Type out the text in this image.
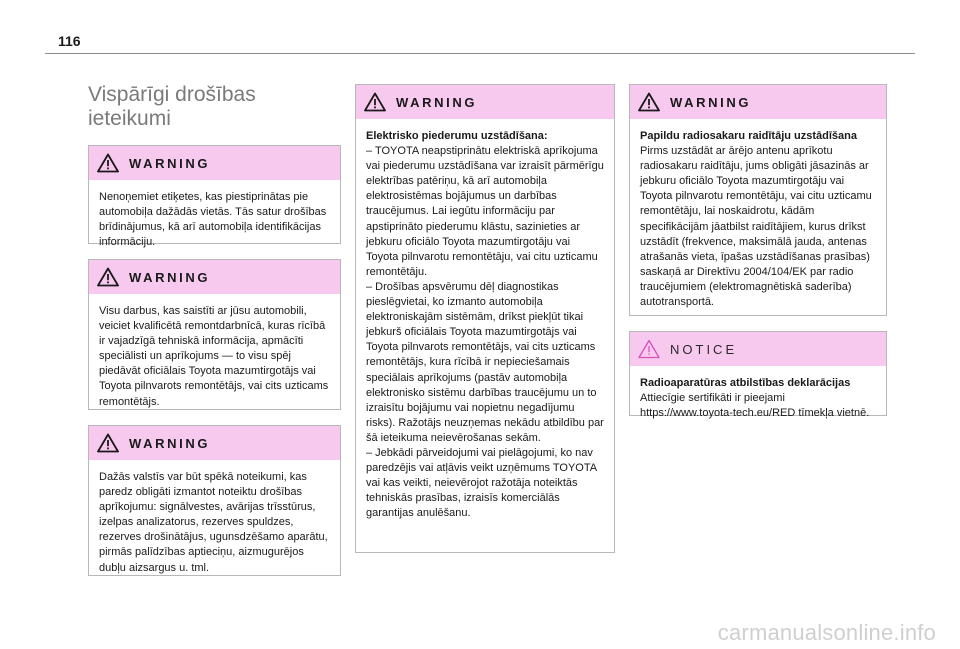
116
Vispārīgi drošības ieteikumi
WARNING

Nenoņemiet etiķetes, kas piestiprinātas pie automobiļa dažādās vietās. Tās satur drošības brīdinājumus, kā arī automobiļa identifikācijas informāciju.

WARNING

Visu darbus, kas saistīti ar jūsu automobili, veiciet kvalificētā remontdarbnīcā, kuras rīcībā ir vajadzīgā tehniskā informācija, apmācīti speciālisti un aprīkojums — to visu spēj piedāvāt oficiālais Toyota mazumtirgotājs vai Toyota pilnvarots remontētājs, vai cits uzticams remontētājs.

WARNING

Dažās valstīs var būt spēkā noteikumi, kas paredz obligāti izmantot noteiktu drošības aprīkojumu: signālvestes, avārijas trīsstūrus, izelpas analizatorus, rezerves spuldzes, rezerves drošinātājus, ugunsdzēšamo aparātu, pirmās palīdzības aptieciņu, aizmugurējos dubļu aizsargus u. tml.

WARNING
Elektrisko piederumu uzstādīšana:

– TOYOTA neapstiprinātu elektriskā aprīkojuma vai piederumu uzstādīšana var izraisīt pārmērīgu elektrības patēriņu, kā arī automobiļa elektrosistēmas bojājumus un darbības traucējumus. Lai iegūtu informāciju par apstiprināto piederumu klāstu, sazinieties ar jebkuru oficiālo Toyota mazumtirgotāju vai Toyota pilnvarotu remontētāju, vai citu uzticamu remontētāju.

– Drošības apsvērumu dēļ diagnostikas pieslēgvietai, ko izmanto automobiļa elektroniskajām sistēmām, drīkst piekļūt tikai jebkurš oficiālais Toyota mazumtirgotājs vai Toyota pilnvarots remontētājs, vai cits uzticams remontētājs, kura rīcībā ir nepieciešamais speciālais aprīkojums (pastāv automobiļa elektronisko sistēmu darbības traucējumu un to izraisītu bojājumu vai nopietnu negadījumu risks). Ražotājs neuzņemas nekādu atbildību par šā ieteikuma neievērošanas sekām.

– Jebkādi pārveidojumi vai pielāgojumi, ko nav paredzējis vai atļāvis veikt uzņēmums TOYOTA vai kas veikti, neievērojot ražotāja noteiktās tehniskās prasības, izraisīs komerciālās garantijas anulēšanu.

WARNING
Papildu radiosakaru raidītāju uzstādīšana

Pirms uzstādāt ar ārējo antenu aprīkotu radiosakaru raidītāju, jums obligāti jāsazinās ar jebkuru oficiālo Toyota mazumtirgotāju vai Toyota pilnvarotu remontētāju, vai citu uzticamu remontētāju, lai noskaidrotu, kādām specifikācijām jāatbilst raidītājiem, kurus drīkst uzstādīt (frekvence, maksimālā jauda, antenas atrašanās vieta, īpašas uzstādīšanas prasības) saskaņā ar Direktīvu 2004/104/EK par radio traucējumiem (elektromagnētiskā saderība) autotransportā.

NOTICE
Radioaparatūras atbilstības deklarācijas

Attiecīgie sertifikāti ir pieejami https://www.toyota-tech.eu/RED tīmekļa vietnē.

carmanualsonline.info
